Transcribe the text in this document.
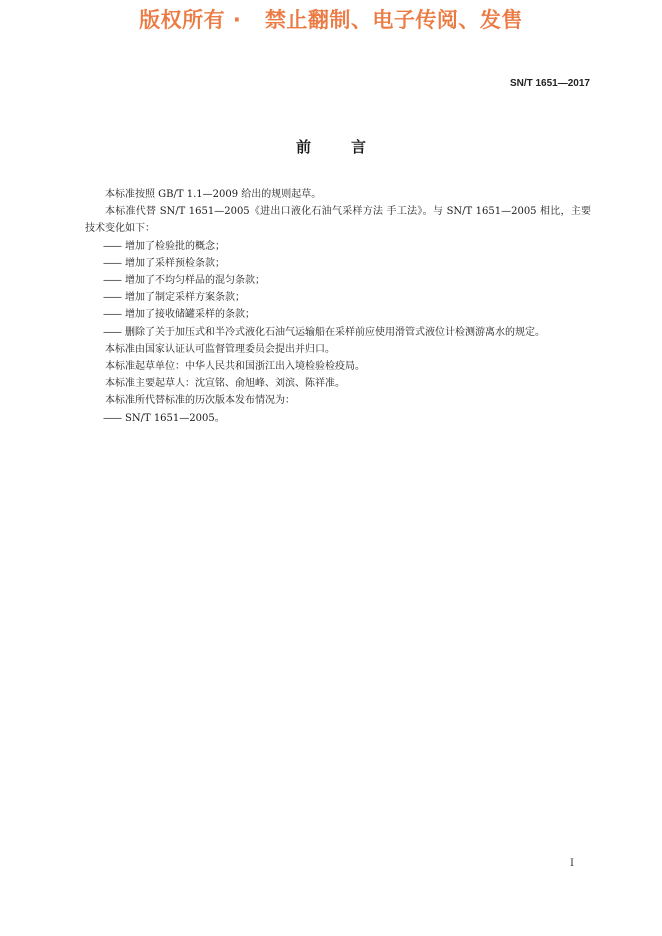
版权所有 ·   禁止翻制、电子传阅、发售
SN/T 1651—2017
前言

本标准按照 GB/T 1.1—2009 给出的规则起草。

本标准代替 SN/T 1651—2005《进出口液化石油气采样方法 手工法》。与 SN/T 1651—2005 相比，主要技术变化如下：

—— 增加了检验批的概念；
—— 增加了采样预检条款；
—— 增加了不均匀样品的混匀条款；
—— 增加了制定采样方案条款；
—— 增加了接收储罐采样的条款；
—— 删除了关于加压式和半冷式液化石油气运输船在采样前应使用滑管式液位计检测游离水的规定。

本标准由国家认证认可监督管理委员会提出并归口。

本标准起草单位：中华人民共和国浙江出入境检验检疫局。

本标准主要起草人：沈宣铭、俞旭峰、刘滨、陈祥准。

本标准所代替标准的历次版本发布情况为：

—— SN/T 1651—2005。
I
